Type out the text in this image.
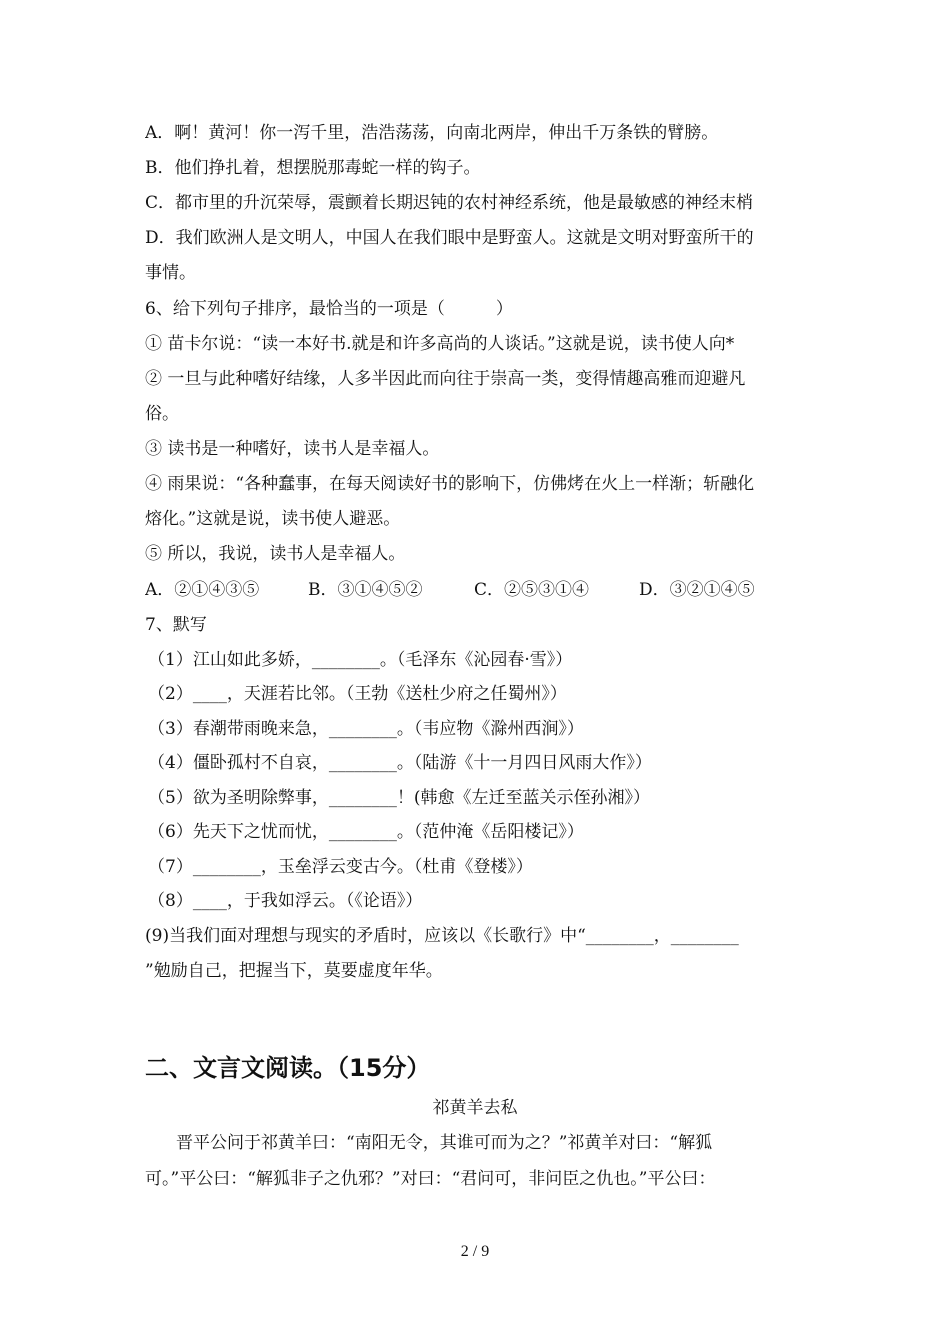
A．啊！黄河！你一泻千里，浩浩荡荡，向南北两岸，伸出千万条铁的臂膀。
B．他们挣扎着，想摆脱那毒蛇一样的钩子。
C．都市里的升沉荣辱，震颤着长期迟钝的农村神经系统，他是最敏感的神经末梢
D．我们欧洲人是文明人，中国人在我们眼中是野蛮人。这就是文明对野蛮所干的
事情。
6、给下列句子排序，最恰当的一项是（　　　）
① 苗卡尔说：“读一本好书.就是和许多高尚的人谈话。”这就是说，读书使人向*
② 一旦与此种嗜好结缘，人多半因此而向往于崇高一类，变得情趣高雅而迎避凡
俗。
③ 读书是一种嗜好，读书人是幸福人。
④ 雨果说：“各种蠢事，在每天阅读好书的影响下，仿佛烤在火上一样渐；斩融化
熔化。”这就是说，读书使人避恶。
⑤ 所以，我说，读书人是幸福人。
A．②①④③⑤	B．③①④⑤②	C．②⑤③①④	D．③②①④⑤
7、默写
（1）江山如此多娇，________。（毛泽东《沁园春·雪》）
（2）____，天涯若比邻。（王勃《送杜少府之任蜀州》）
（3）春潮带雨晚来急，________。（韦应物《滁州西涧》）
（4）僵卧孤村不自哀，________。（陆游《十一月四日风雨大作》）
（5）欲为圣明除弊事，________！(韩愈《左迁至蓝关示侄孙湘》）
（6）先天下之忧而忧，________。（范仲淹《岳阳楼记》）
（7）________，玉垒浮云变古今。（杜甫《登楼》）
（8）____，于我如浮云。（《论语》）
(9)当我们面对理想与现实的矛盾时，应该以《长歌行》中“________，________
”勉励自己，把握当下，莫要虚度年华。
二、文言文阅读。（15分）
祁黄羊去私
晋平公问于祁黄羊曰：“南阳无令，其谁可而为之？”祁黄羊对曰：“解狐
可。”平公曰：“解狐非子之仇邪？”对曰：“君问可，非问臣之仇也。”平公曰：
2 / 9
